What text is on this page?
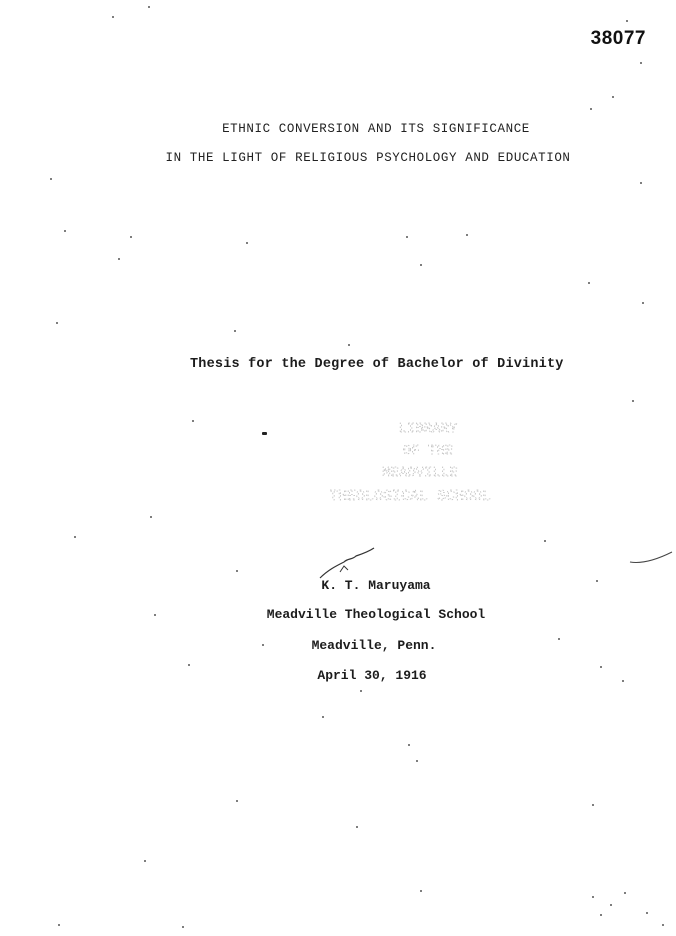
38077
ETHNIC CONVERSION AND ITS SIGNIFICANCE
IN THE LIGHT OF RELIGIOUS PSYCHOLOGY AND EDUCATION
Thesis for the Degree of Bachelor of Divinity
LIBRARY
OF THE
MEADVILLE
THEOLOGICAL SCHOOL
K. T. Maruyama
Meadville Theological School
Meadville, Penn.
April 30, 1916
